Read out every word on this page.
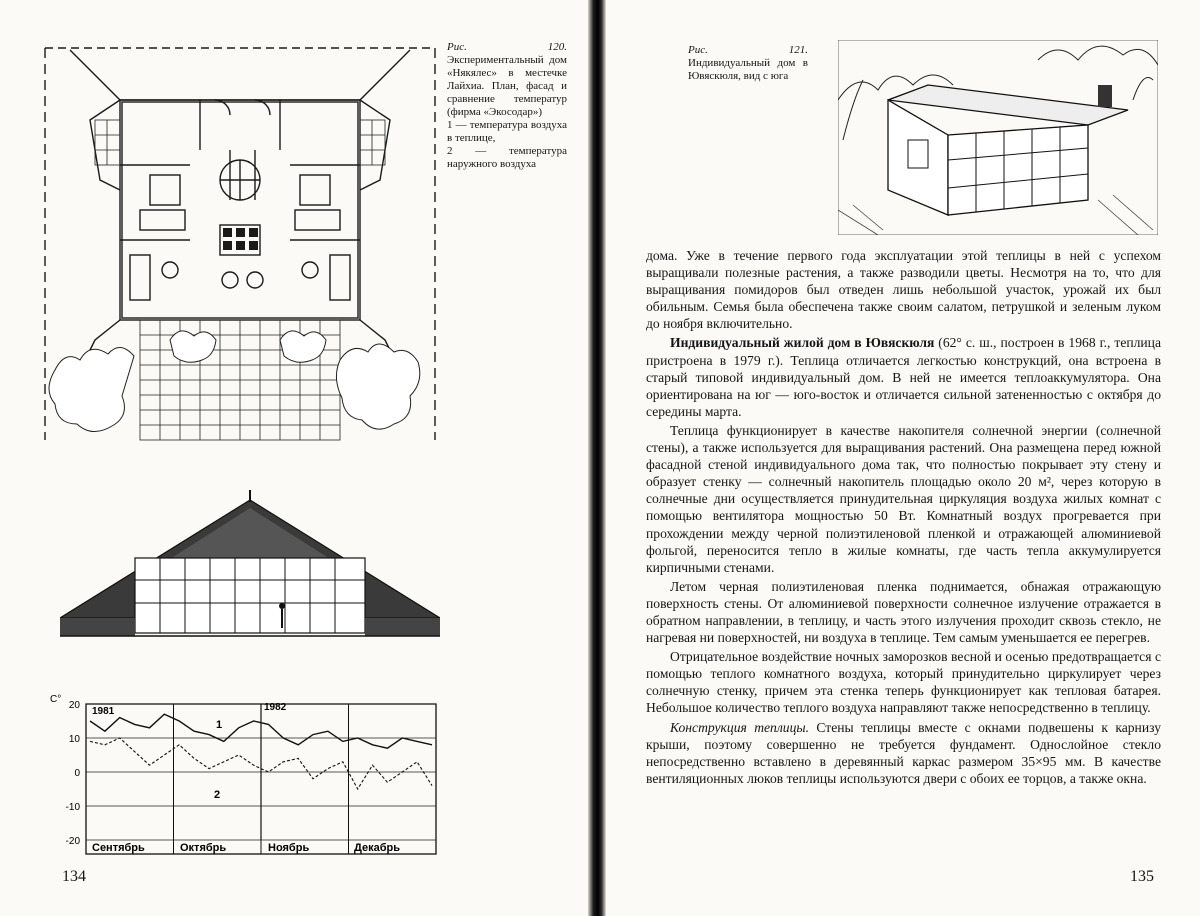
Рис. 120. Экспериментальный дом «Някялес» в местечке Лайхиа. План, фасад и сравнение температур (фирма «Экосодар»)

1 — температура воздуха в теплице,

2 — температура наружного воздуха

С°
20
10
0
-10
-20
1981	1982
1
2
Сентябрь	Октябрь	Ноябрь	Декабрь
134

Рис. 121. Индивидуальный дом в Ювяскюля, вид с юга

дома. Уже в течение первого года эксплуатации этой теплицы в ней с успехом выращивали полезные растения, а также разводили цветы. Несмотря на то, что для выращивания помидоров был отведен лишь небольшой участок, урожай их был обильным. Семья была обеспечена также своим салатом, петрушкой и зеленым луком до ноября включительно.

Индивидуальный жилой дом в Ювяскюля (62° с. ш., построен в 1968 г., теплица пристроена в 1979 г.). Теплица отличается легкостью конструкций, она встроена в старый типовой индивидуальный дом. В ней не имеется теплоаккумулятора. Она ориентирована на юг — юго-восток и отличается сильной затененностью с октября до середины марта.

Теплица функционирует в качестве накопителя солнечной энергии (солнечной стены), а также используется для выращивания растений. Она размещена перед южной фасадной стеной индивидуального дома так, что полностью покрывает эту стену и образует стенку — солнечный накопитель площадью около 20 м², через которую в солнечные дни осуществляется принудительная циркуляция воздуха жилых комнат с помощью вентилятора мощностью 50 Вт. Комнатный воздух прогревается при прохождении между черной полиэтиленовой пленкой и отражающей алюминиевой фольгой, переносится тепло в жилые комнаты, где часть тепла аккумулируется кирпичными стенами.

Летом черная полиэтиленовая пленка поднимается, обнажая отражающую поверхность стены. От алюминиевой поверхности солнечное излучение отражается в обратном направлении, в теплицу, и часть этого излучения проходит сквозь стекло, не нагревая ни поверхностей, ни воздуха в теплице. Тем самым уменьшается ее перегрев.

Отрицательное воздействие ночных заморозков весной и осенью предотвращается с помощью теплого комнатного воздуха, который принудительно циркулирует через солнечную стенку, причем эта стенка теперь функционирует как тепловая батарея. Небольшое количество теплого воздуха направляют также непосредственно в теплицу.

Конструкция теплицы. Стены теплицы вместе с окнами подвешены к карнизу крыши, поэтому совершенно не требуется фундамент. Однослойное стекло непосредственно вставлено в деревянный каркас размером 35×95 мм. В качестве вентиляционных люков теплицы используются двери с обоих ее торцов, а также окна.

135
